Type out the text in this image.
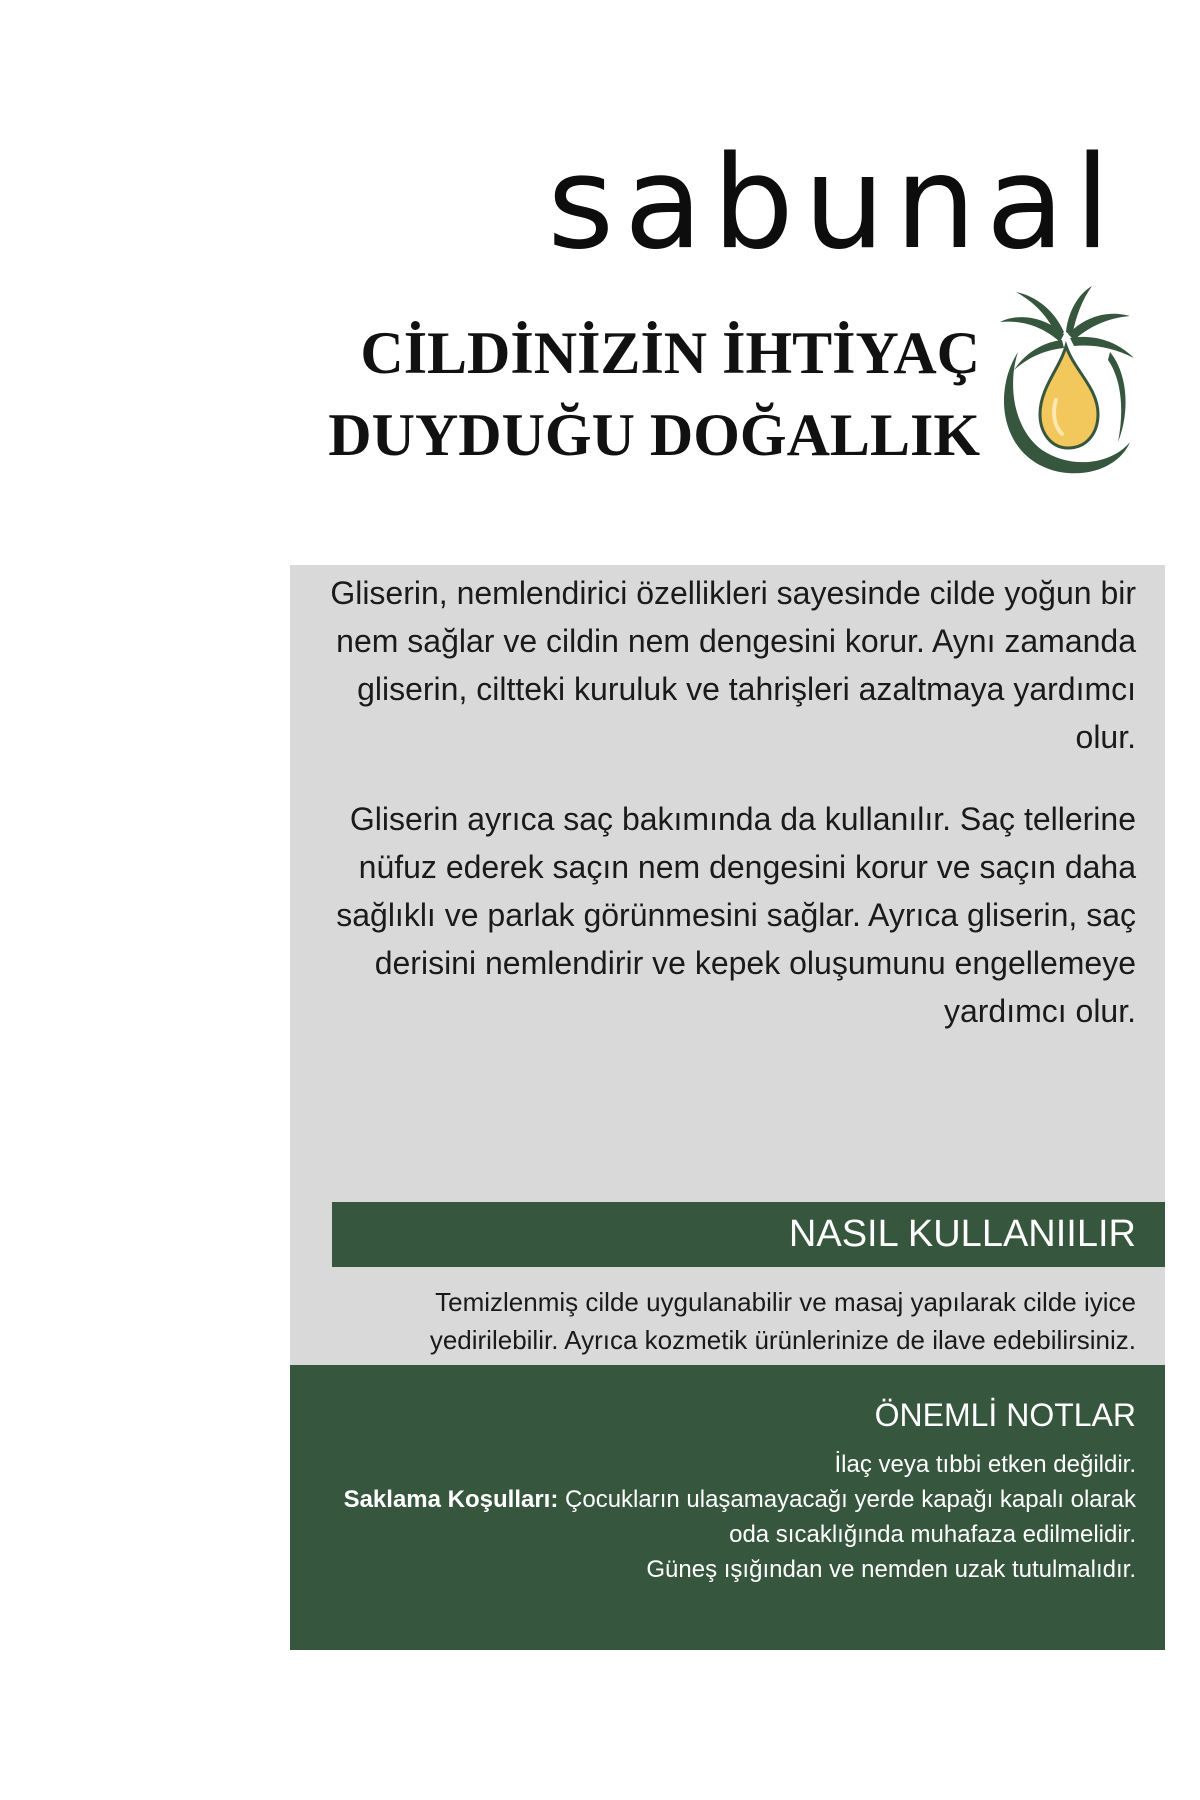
sabunal
CİLDİNİZİN İHTİYAÇ
DUYDUĞU DOĞALLIK

Gliserin, nemlendirici özellikleri sayesinde cilde yoğun bir nem sağlar ve cildin nem dengesini korur. Aynı zamanda gliserin, ciltteki kuruluk ve tahrişleri azaltmaya yardımcı olur.

Gliserin ayrıca saç bakımında da kullanılır. Saç tellerine nüfuz ederek saçın nem dengesini korur ve saçın daha sağlıklı ve parlak görünmesini sağlar. Ayrıca gliserin, saç derisini nemlendirir ve kepek oluşumunu engellemeye yardımcı olur.

NASIL KULLANIILIR

Temizlenmiş cilde uygulanabilir ve masaj yapılarak cilde iyice yedirilebilir. Ayrıca kozmetik ürünlerinize de ilave edebilirsiniz.

ÖNEMLİ NOTLAR

İlaç veya tıbbi etken değildir.
Saklama Koşulları: Çocukların ulaşamayacağı yerde kapağı kapalı olarak oda sıcaklığında muhafaza edilmelidir.
Güneş ışığından ve nemden uzak tutulmalıdır.
